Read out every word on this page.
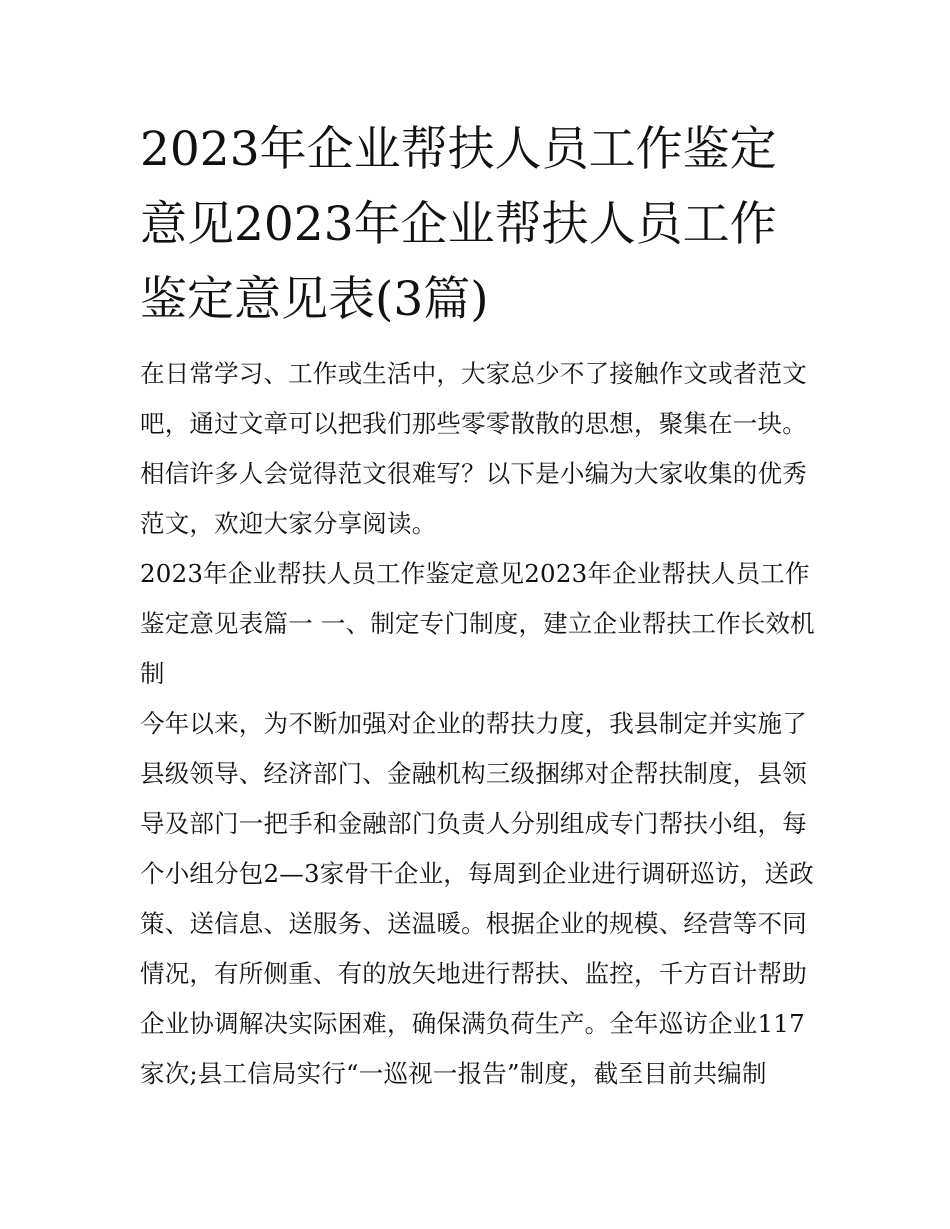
2023年企业帮扶人员工作鉴定意见2023年企业帮扶人员工作鉴定意见表(3篇)

在日常学习、工作或生活中，大家总少不了接触作文或者范文吧，通过文章可以把我们那些零零散散的思想，聚集在一块。相信许多人会觉得范文很难写？以下是小编为大家收集的优秀范文，欢迎大家分享阅读。

2023年企业帮扶人员工作鉴定意见2023年企业帮扶人员工作鉴定意见表篇一 一、制定专门制度，建立企业帮扶工作长效机制

今年以来，为不断加强对企业的帮扶力度，我县制定并实施了县级领导、经济部门、金融机构三级捆绑对企帮扶制度，县领导及部门一把手和金融部门负责人分别组成专门帮扶小组，每个小组分包2—3家骨干企业，每周到企业进行调研巡访，送政策、送信息、送服务、送温暖。根据企业的规模、经营等不同情况，有所侧重、有的放矢地进行帮扶、监控，千方百计帮助企业协调解决实际困难，确保满负荷生产。全年巡访企业117家次;县工信局实行“一巡视一报告”制度，截至目前共编制
